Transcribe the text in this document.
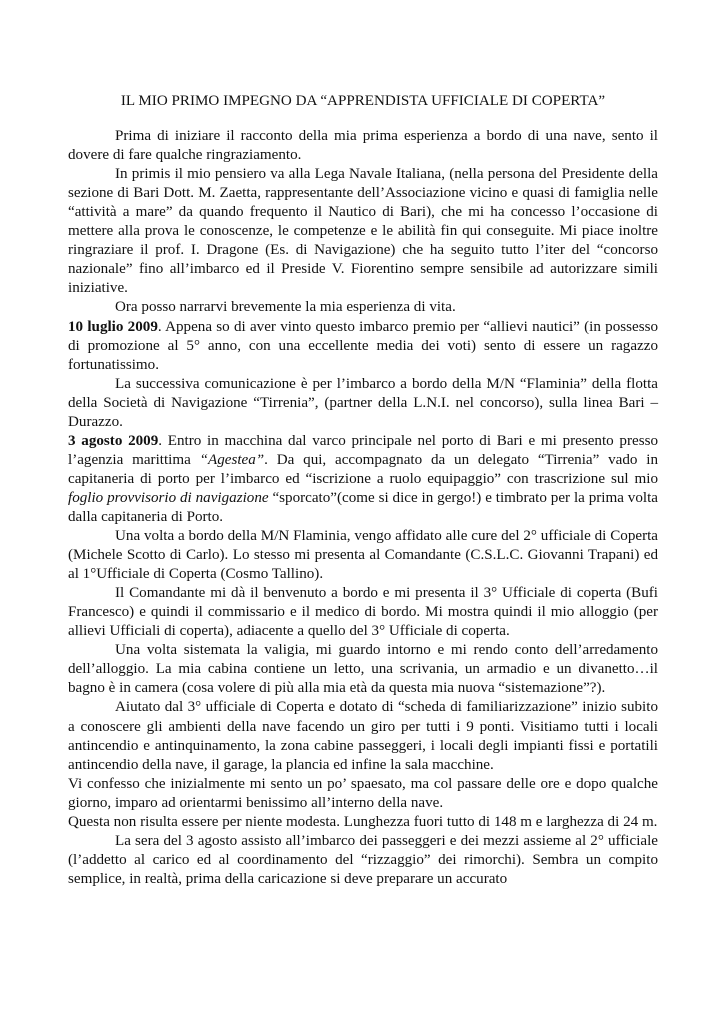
IL MIO PRIMO IMPEGNO DA “APPRENDISTA UFFICIALE DI COPERTA”

Prima di iniziare il racconto della mia prima esperienza a bordo di una nave, sento il dovere di fare qualche ringraziamento.

In primis il mio pensiero va alla Lega Navale Italiana, (nella persona del Presidente della sezione di Bari Dott. M. Zaetta, rappresentante dell’Associazione vicino e quasi di famiglia nelle “attività a mare” da quando frequento il Nautico di Bari), che mi ha concesso l’occasione di mettere alla prova le conoscenze, le competenze e le abilità fin qui conseguite. Mi piace inoltre ringraziare il prof. I. Dragone (Es. di Navigazione) che ha seguito tutto l’iter del “concorso nazionale” fino all’imbarco ed il Preside V. Fiorentino sempre sensibile ad autorizzare simili iniziative.

Ora posso narrarvi brevemente la mia esperienza di vita.

10 luglio 2009. Appena so di aver vinto questo imbarco premio per “allievi nautici” (in possesso di promozione al 5° anno, con una eccellente media dei voti) sento di essere un ragazzo fortunatissimo.

La successiva comunicazione è per l’imbarco a bordo della M/N “Flaminia” della flotta della Società di Navigazione “Tirrenia”, (partner della L.N.I. nel concorso), sulla linea Bari – Durazzo.

3 agosto 2009. Entro in macchina dal varco principale nel porto di Bari e mi presento presso l’agenzia marittima “Agestea”. Da qui, accompagnato da un delegato “Tirrenia” vado in capitaneria di porto per l’imbarco ed “iscrizione a ruolo equipaggio” con trascrizione sul mio foglio provvisorio di navigazione “sporcato”(come si dice in gergo!) e timbrato per la prima volta dalla capitaneria di Porto.

Una volta a bordo della M/N Flaminia, vengo affidato alle cure del 2° ufficiale di Coperta (Michele Scotto di Carlo). Lo stesso mi presenta al Comandante (C.S.L.C. Giovanni Trapani) ed al 1°Ufficiale di Coperta (Cosmo Tallino).

Il Comandante mi dà il benvenuto a bordo e mi presenta il 3° Ufficiale di coperta (Bufi Francesco) e quindi il commissario e il medico di bordo. Mi mostra quindi il mio alloggio (per allievi Ufficiali di coperta), adiacente a quello del 3° Ufficiale di coperta.

Una volta sistemata la valigia, mi guardo intorno e mi rendo conto dell’arredamento dell’alloggio. La mia cabina contiene un letto, una scrivania, un armadio e un divanetto…il bagno è in camera (cosa volere di più alla mia età da questa mia nuova “sistemazione”?).

Aiutato dal 3° ufficiale di Coperta e dotato di “scheda di familiarizzazione” inizio subito a conoscere gli ambienti della nave facendo un giro per tutti i 9 ponti. Visitiamo tutti i locali antincendio e antinquinamento, la zona cabine passeggeri, i locali degli impianti fissi e portatili antincendio della nave, il garage, la plancia ed infine la sala macchine.

Vi confesso che inizialmente mi sento un po’ spaesato, ma col passare delle ore e dopo qualche giorno, imparo ad orientarmi benissimo all’interno della nave.

Questa non risulta essere per niente modesta. Lunghezza fuori tutto di 148 m e larghezza di 24 m.

La sera del 3 agosto assisto all’imbarco dei passeggeri e dei mezzi assieme al 2° ufficiale (l’addetto al carico ed al coordinamento del “rizzaggio” dei rimorchi). Sembra un compito semplice, in realtà, prima della caricazione si deve preparare un accurato
